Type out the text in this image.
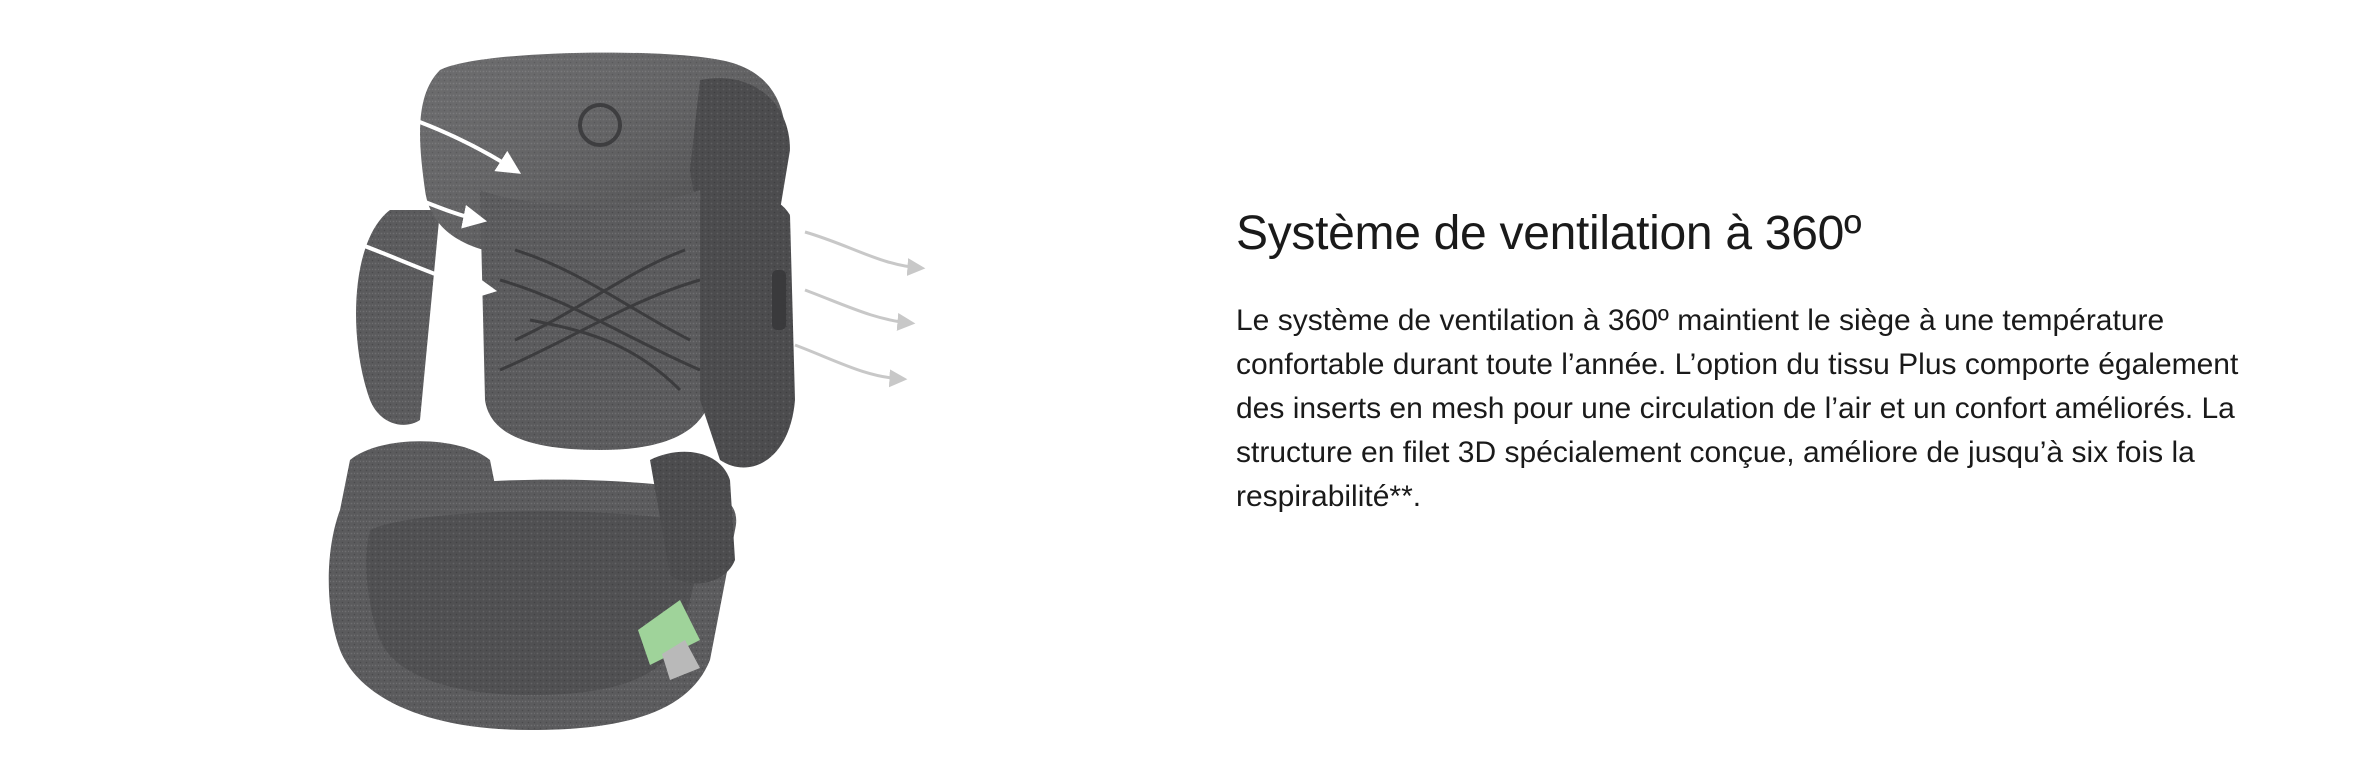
Système de ventilation à 360º

Le système de ventilation à 360º maintient le siège à une température confortable durant toute l’année. L’option du tissu Plus comporte également des inserts en mesh pour une circulation de l’air et un confort améliorés. La structure en filet 3D spécialement conçue, améliore de jusqu’à six fois la respirabilité**.
